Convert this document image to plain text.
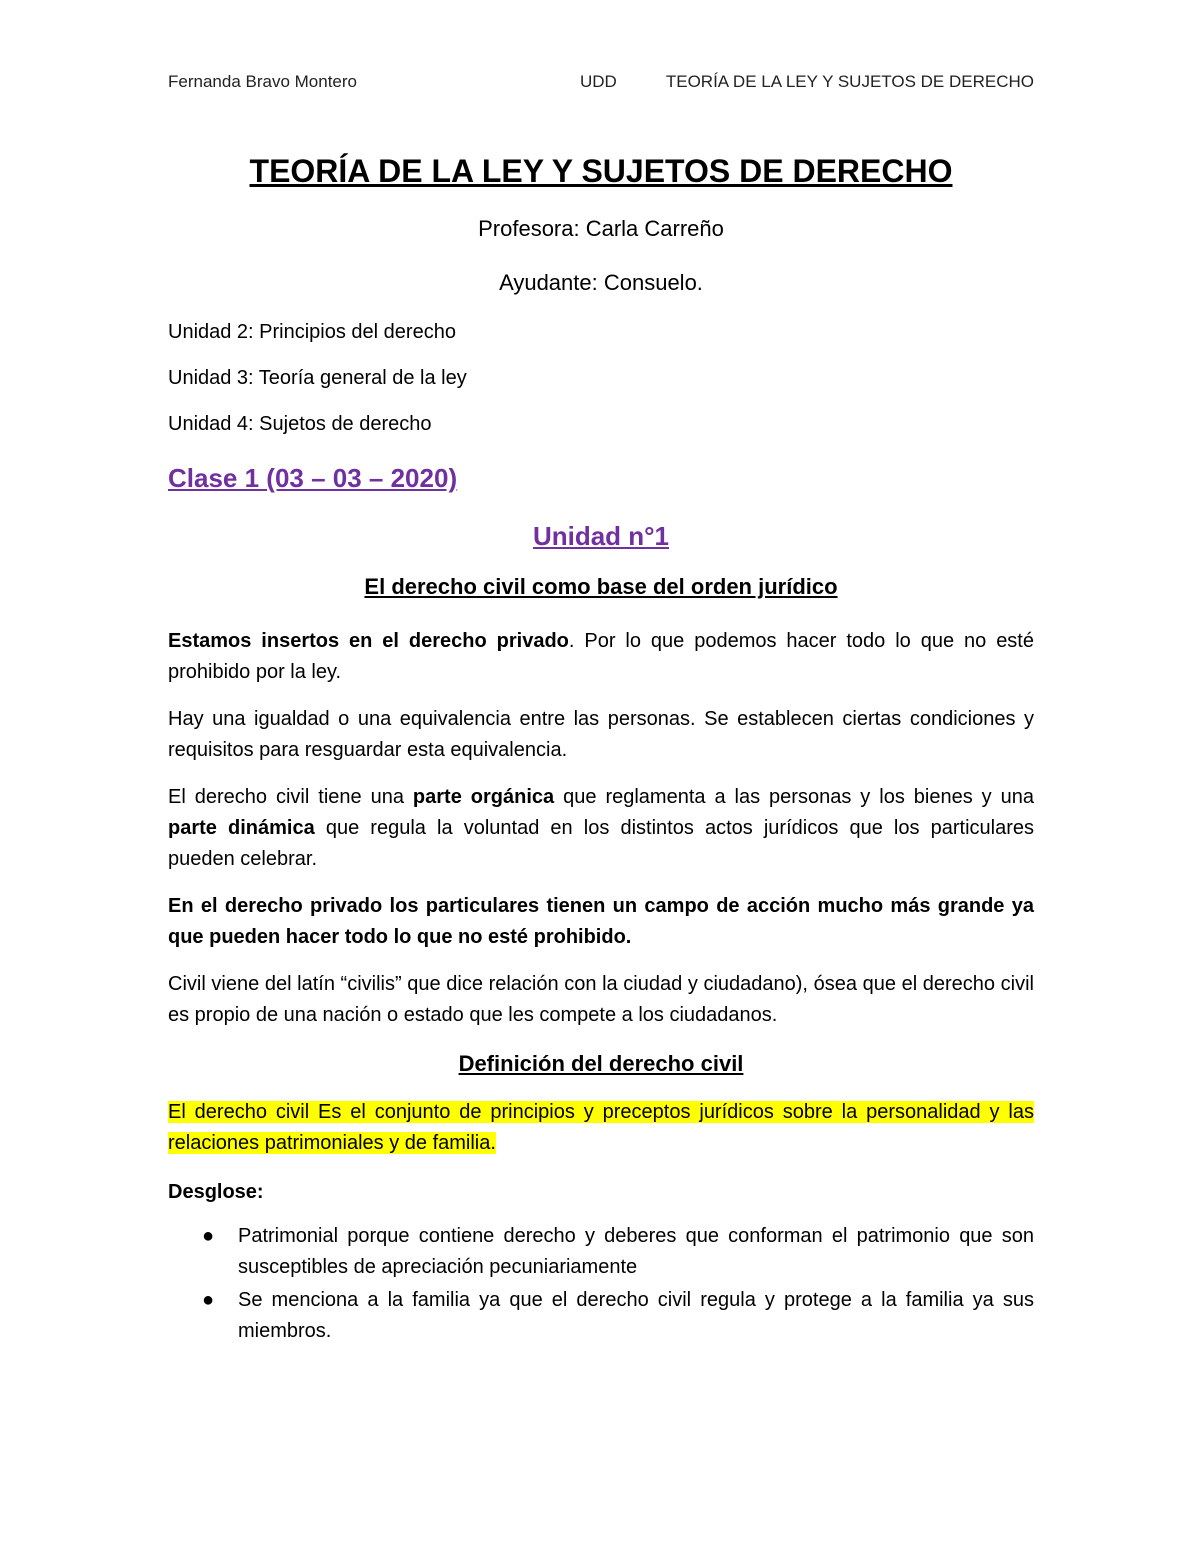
Fernanda Bravo Montero	UDD	TEORÍA DE LA LEY Y SUJETOS DE DERECHO
TEORÍA DE LA LEY Y SUJETOS DE DERECHO

Profesora: Carla Carreño

Ayudante: Consuelo.

Unidad 2: Principios del derecho

Unidad 3: Teoría general de la ley

Unidad 4: Sujetos de derecho

Clase 1 (03 – 03 – 2020)
Unidad n°1
El derecho civil como base del orden jurídico

Estamos insertos en el derecho privado. Por lo que podemos hacer todo lo que no esté prohibido por la ley.

Hay una igualdad o una equivalencia entre las personas. Se establecen ciertas condiciones y requisitos para resguardar esta equivalencia.

El derecho civil tiene una parte orgánica que reglamenta a las personas y los bienes y una parte dinámica que regula la voluntad en los distintos actos jurídicos que los particulares pueden celebrar.

En el derecho privado los particulares tienen un campo de acción mucho más grande ya que pueden hacer todo lo que no esté prohibido.

Civil viene del latín “civilis” que dice relación con la ciudad y ciudadano), ósea que el derecho civil es propio de una nación o estado que les compete a los ciudadanos.

Definición del derecho civil

El derecho civil Es el conjunto de principios y preceptos jurídicos sobre la personalidad y las relaciones patrimoniales y de familia.

Desglose:

● Patrimonial porque contiene derecho y deberes que conforman el patrimonio que son susceptibles de apreciación pecuniariamente
● Se menciona a la familia ya que el derecho civil regula y protege a la familia ya sus miembros.
